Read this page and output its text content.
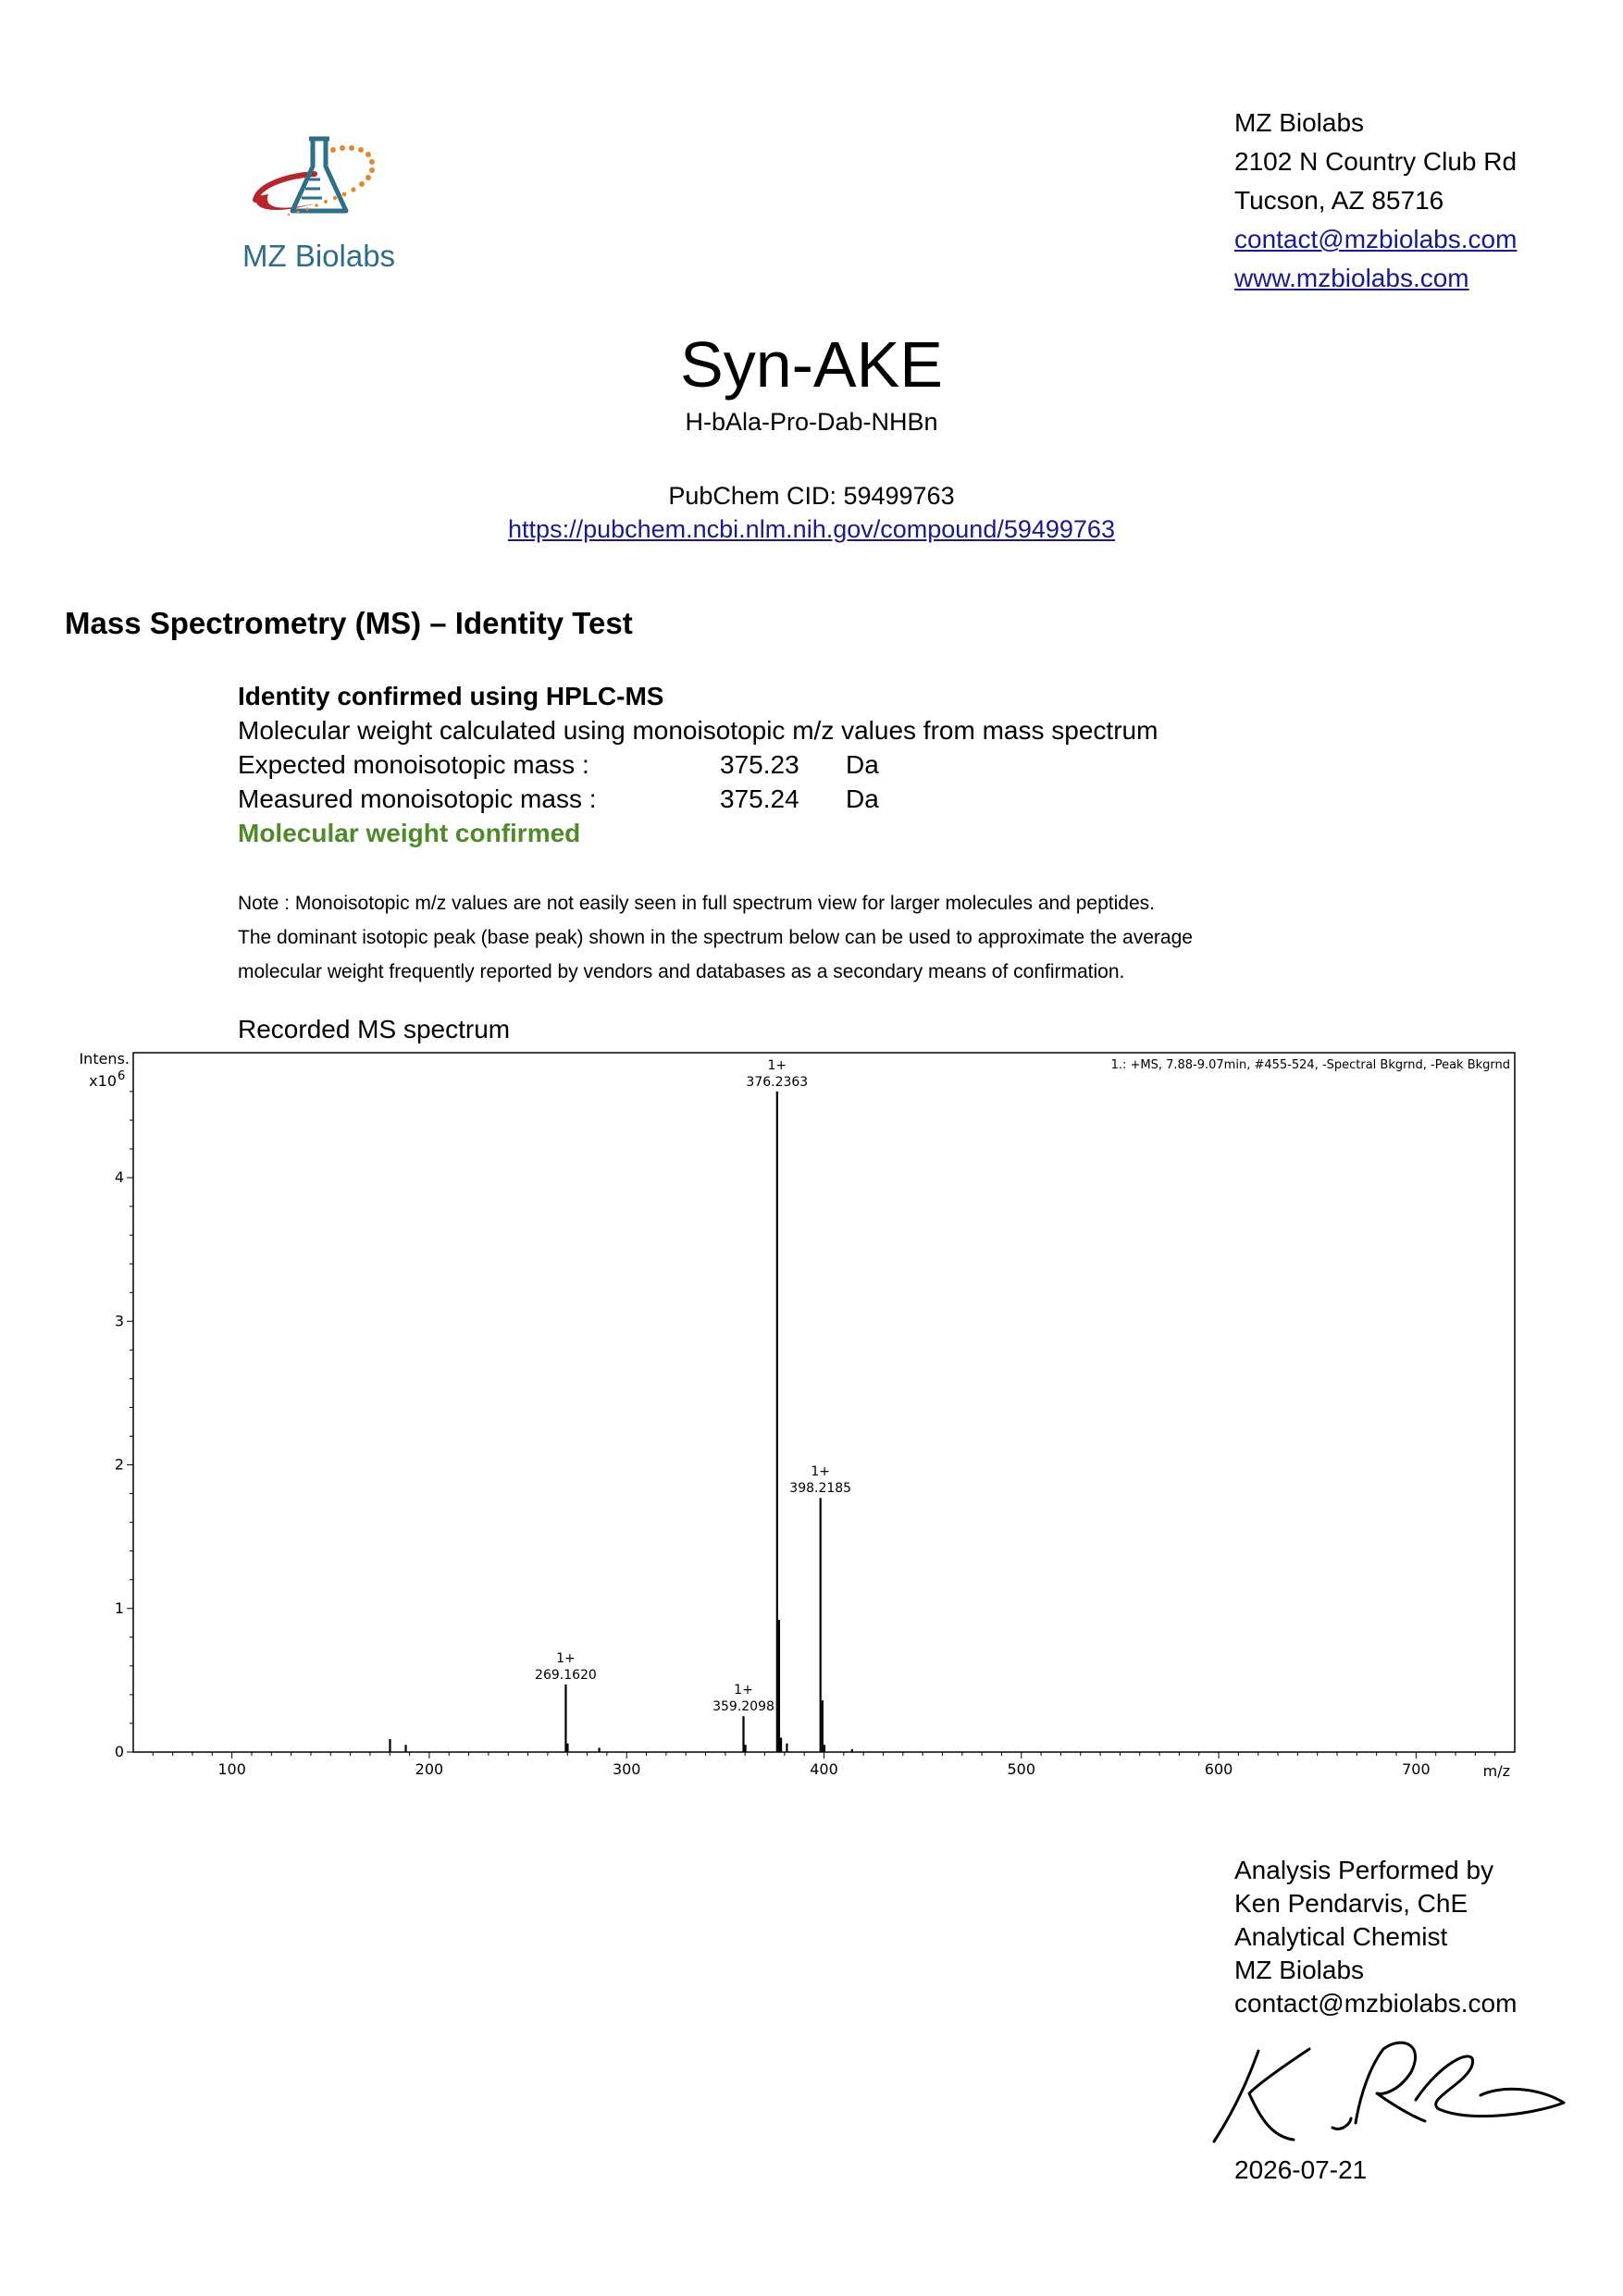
MZ Biolabs
MZ Biolabs
2102 N Country Club Rd
Tucson, AZ 85716
contact@mzbiolabs.com
www.mzbiolabs.com
Syn-AKE
H-bAla-Pro-Dab-NHBn
PubChem CID: 59499763
https://pubchem.ncbi.nlm.nih.gov/compound/59499763
Mass Spectrometry (MS) – Identity Test
Identity confirmed using HPLC-MS
Molecular weight calculated using monoisotopic m/z values from mass spectrum
Expected monoisotopic mass :	375.23	Da
Measured monoisotopic mass :	375.24	Da
Molecular weight confirmed
Note : Monoisotopic m/z values are not easily seen in full spectrum view for larger molecules and peptides.
The dominant isotopic peak (base peak) shown in the spectrum below can be used to approximate the average
molecular weight frequently reported by vendors and databases as a secondary means of confirmation.
Recorded MS spectrum
Intens.
x10 6
1.: +MS, 7.88-9.07min, #455-524, -Spectral Bkgrnd, -Peak Bkgrnd
m/z
100	200	300	400	500	600	700
0
1
2
3
4
1+
269.1620
1+
359.2098
1+
376.2363
1+
398.2185
Analysis Performed by
Ken Pendarvis, ChE
Analytical Chemist
MZ Biolabs
contact@mzbiolabs.com
2026-07-21
